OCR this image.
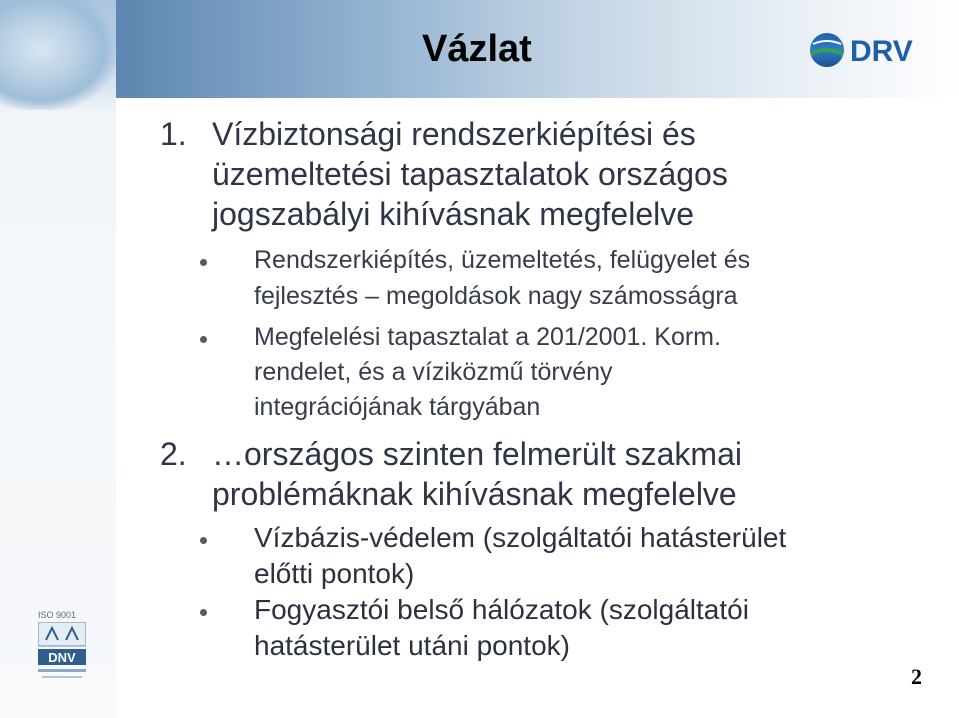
Vázlat	DRV
ISO 9001
DNV
1. Vízbiztonsági rendszerkiépítési és
üzemeltetési tapasztalatok országos
jogszabályi kihívásnak megfelelve
Rendszerkiépítés, üzemeltetés, felügyelet és
fejlesztés – megoldások nagy számosságra
Megfelelési tapasztalat a 201/2001. Korm.
rendelet, és a víziközmű törvény
integrációjának tárgyában
2. …országos szinten felmerült szakmai
problémáknak kihívásnak megfelelve
Vízbázis-védelem (szolgáltatói hatásterület
előtti pontok)
Fogyasztói belső hálózatok (szolgáltatói
hatásterület utáni pontok)
2
